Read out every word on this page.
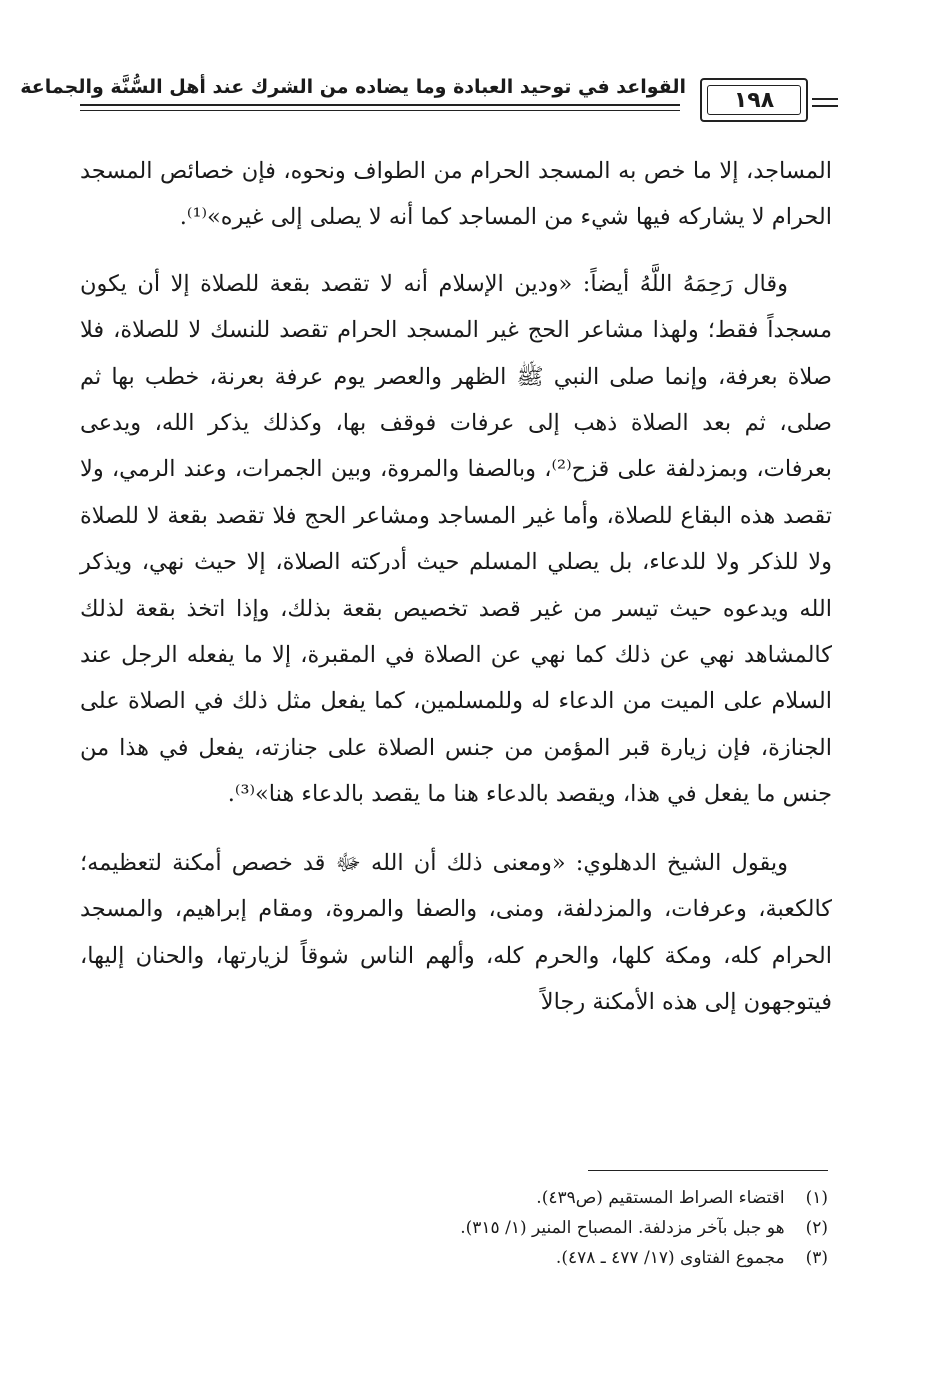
القواعد في توحيد العبادة وما يضاده من الشرك عند أهل السُّنَّة والجماعة
١٩٨

المساجد، إلا ما خص به المسجد الحرام من الطواف ونحوه، فإن خصائص المسجد الحرام لا يشاركه فيها شيء من المساجد كما أنه لا يصلى إلى غيره»⁽¹⁾.

وقال رَحِمَهُ اللَّهُ أيضاً: «ودين الإسلام أنه لا تقصد بقعة للصلاة إلا أن يكون مسجداً فقط؛ ولهذا مشاعر الحج غير المسجد الحرام تقصد للنسك لا للصلاة، فلا صلاة بعرفة، وإنما صلى النبي ﷺ الظهر والعصر يوم عرفة بعرنة، خطب بها ثم صلى، ثم بعد الصلاة ذهب إلى عرفات فوقف بها، وكذلك يذكر الله، ويدعى بعرفات، وبمزدلفة على قزح⁽²⁾، وبالصفا والمروة، وبين الجمرات، وعند الرمي، ولا تقصد هذه البقاع للصلاة، وأما غير المساجد ومشاعر الحج فلا تقصد بقعة لا للصلاة ولا للذكر ولا للدعاء، بل يصلي المسلم حيث أدركته الصلاة، إلا حيث نهي، ويذكر الله ويدعوه حيث تيسر من غير قصد تخصيص بقعة بذلك، وإذا اتخذ بقعة لذلك كالمشاهد نهي عن ذلك كما نهي عن الصلاة في المقبرة، إلا ما يفعله الرجل عند السلام على الميت من الدعاء له وللمسلمين، كما يفعل مثل ذلك في الصلاة على الجنازة، فإن زيارة قبر المؤمن من جنس الصلاة على جنازته، يفعل في هذا من جنس ما يفعل في هذا، ويقصد بالدعاء هنا ما يقصد بالدعاء هنا»⁽³⁾.

ويقول الشيخ الدهلوي: «ومعنى ذلك أن الله ﷻ قد خصص أمكنة لتعظيمه؛ كالكعبة، وعرفات، والمزدلفة، ومنى، والصفا والمروة، ومقام إبراهيم، والمسجد الحرام كله، ومكة كلها، والحرم كله، وألهم الناس شوقاً لزيارتها، والحنان إليها، فيتوجهون إلى هذه الأمكنة رجالاً

(١) اقتضاء الصراط المستقيم (ص٤٣٩).
(٢) هو جبل بآخر مزدلفة. المصباح المنير (١/ ٣١٥).
(٣) مجموع الفتاوى (١٧/ ٤٧٧ ـ ٤٧٨).
